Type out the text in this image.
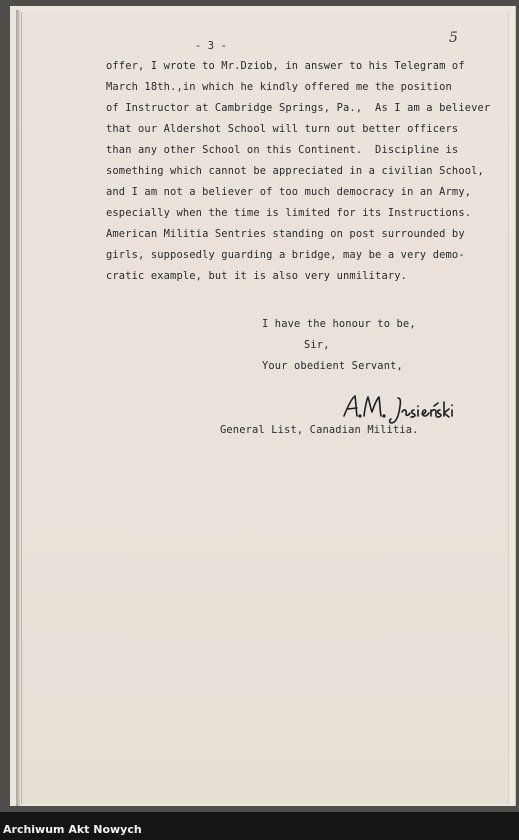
- 3 -	5
offer, I wrote to Mr.Dziob, in answer to his Telegram of
March 18th.,in which he kindly offered me the position
of Instructor at Cambridge Springs, Pa.,  As I am a believer
that our Aldershot School will turn out better officers
than any other School on this Continent.  Discipline is
something which cannot be appreciated in a civilian School,
and I am not a believer of too much democracy in an Army,
especially when the time is limited for its Instructions.
American Militia Sentries standing on post surrounded by
girls, supposedly guarding a bridge, may be a very demo-
cratic example, but it is also very unmilitary.
I have the honour to be,
Sir,
Your obedient Servant,
General List, Canadian Militia.
Archiwum Akt Nowych
